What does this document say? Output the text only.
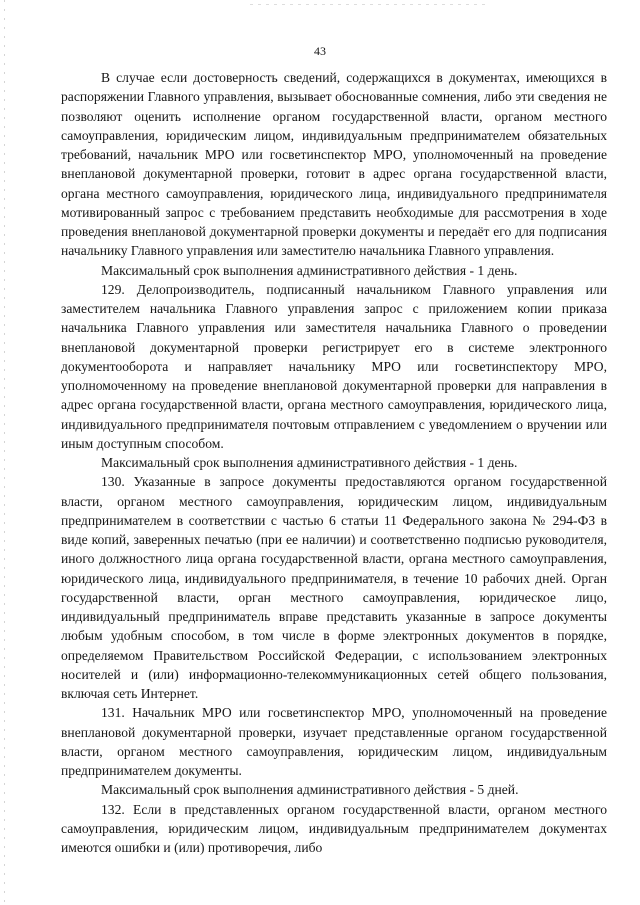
43

В случае если достоверность сведений, содержащихся в документах, имеющихся в распоряжении Главного управления, вызывает обоснованные сомнения, либо эти сведения не позволяют оценить исполнение органом государственной власти, органом местного самоуправления, юридическим лицом, индивидуальным предпринимателем обязательных требований, начальник МРО или госветинспектор МРО, уполномоченный на проведение внеплановой документарной проверки, готовит в адрес органа государственной власти, органа местного самоуправления, юридического лица, индивидуального предпринимателя мотивированный запрос с требованием представить необходимые для рассмотрения в ходе проведения внеплановой документарной проверки документы и передаёт его для подписания начальнику Главного управления или заместителю начальника Главного управления.

Максимальный срок выполнения административного действия - 1 день.

129. Делопроизводитель, подписанный начальником Главного управления или заместителем начальника Главного управления запрос с приложением копии приказа начальника Главного управления или заместителя начальника Главного о проведении внеплановой документарной проверки регистрирует его в системе электронного документооборота и направляет начальнику МРО или госветинспектору МРО, уполномоченному на проведение внеплановой документарной проверки для направления в адрес органа государственной власти, органа местного самоуправления, юридического лица, индивидуального предпринимателя почтовым отправлением с уведомлением о вручении или иным доступным способом.

Максимальный срок выполнения административного действия - 1 день.

130. Указанные в запросе документы предоставляются органом государственной власти, органом местного самоуправления, юридическим лицом, индивидуальным предпринимателем в соответствии с частью 6 статьи 11 Федерального закона № 294-ФЗ в виде копий, заверенных печатью (при ее наличии) и соответственно подписью руководителя, иного должностного лица органа государственной власти, органа местного самоуправления, юридического лица, индивидуального предпринимателя, в течение 10 рабочих дней. Орган государственной власти, орган местного самоуправления, юридическое лицо, индивидуальный предприниматель вправе представить указанные в запросе документы любым удобным способом, в том числе в форме электронных документов в порядке, определяемом Правительством Российской Федерации, с использованием электронных носителей и (или) информационно-телекоммуникационных сетей общего пользования, включая сеть Интернет.

131. Начальник МРО или госветинспектор МРО, уполномоченный на проведение внеплановой документарной проверки, изучает представленные органом государственной власти, органом местного самоуправления, юридическим лицом, индивидуальным предпринимателем документы.

Максимальный срок выполнения административного действия - 5 дней.

132. Если в представленных органом государственной власти, органом местного самоуправления, юридическим лицом, индивидуальным предпринимателем документах имеются ошибки и (или) противоречия, либо
